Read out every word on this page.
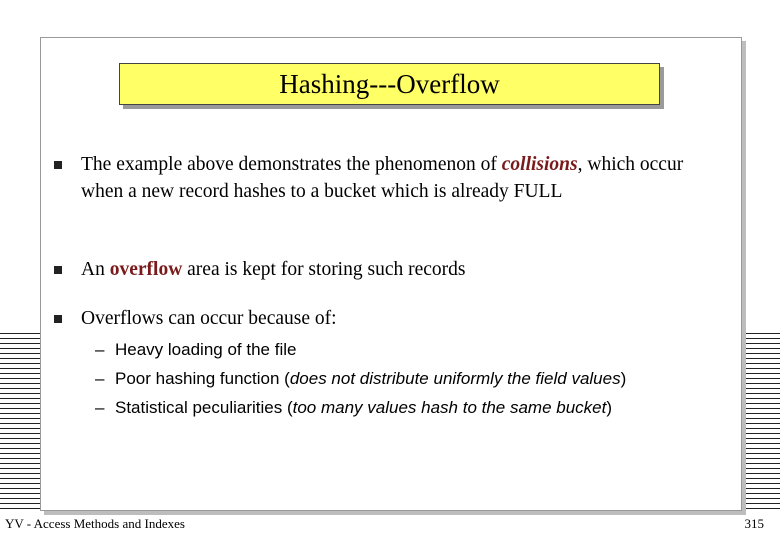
Hashing --- Overflow
The example above demonstrates the phenomenon of collisions, which occur when a new record hashes to a bucket which is already FULL
An overflow area is kept for storing such records
Overflows can occur because of:
– Heavy loading of the file
– Poor hashing function (does not distribute uniformly the field values)
– Statistical peculiarities (too many values hash to the same bucket)
YV - Access Methods and Indexes	315
